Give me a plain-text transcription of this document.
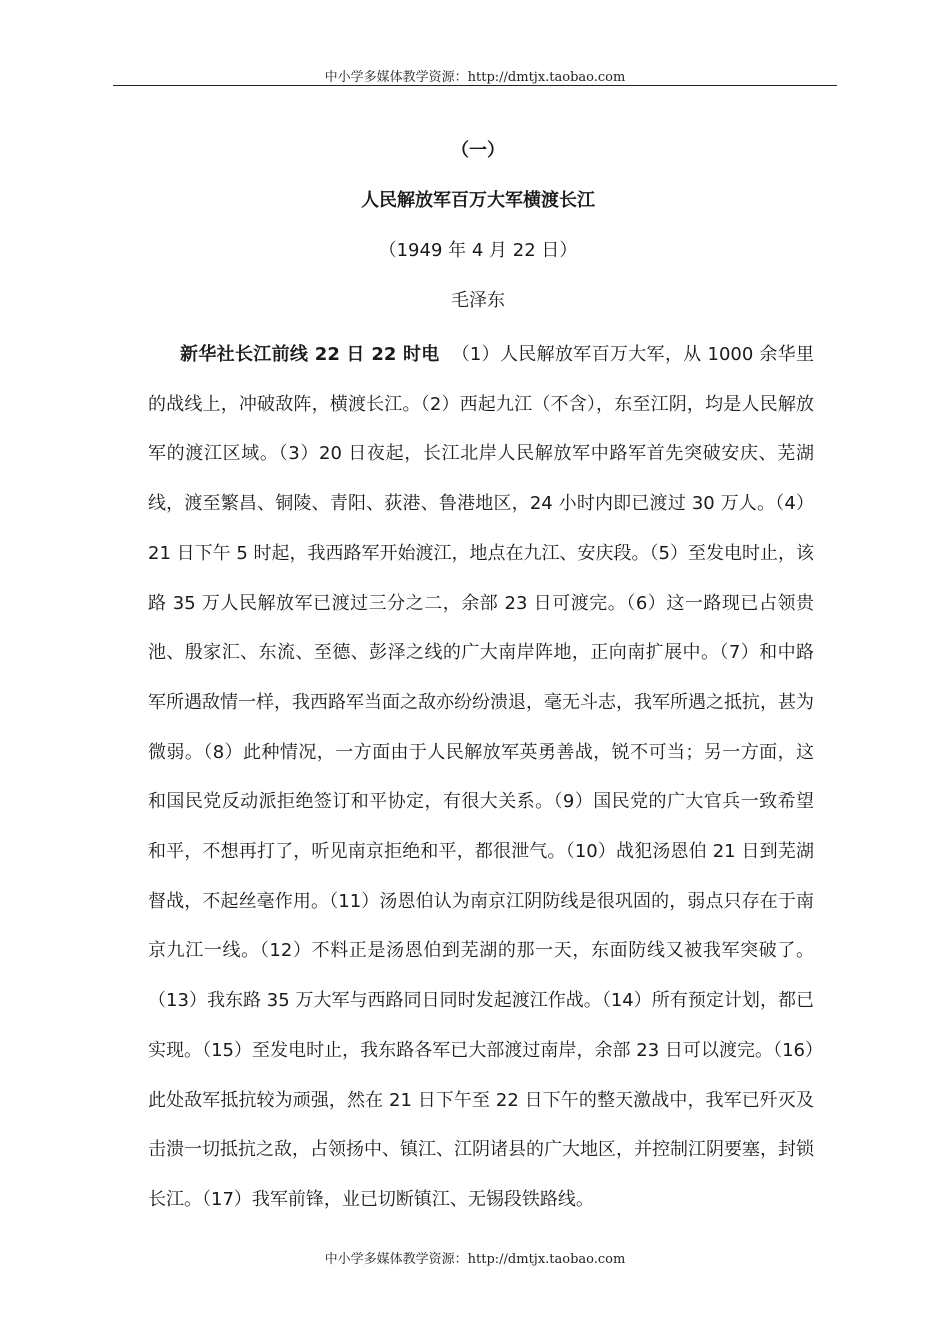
中小学多媒体教学资源：http://dmtjx.taobao.com
（一）
人民解放军百万大军横渡长江
（1949 年 4 月 22 日）
毛泽东

新华社长江前线 22 日 22 时电 （1）人民解放军百万大军，从 1000 余华里的战线上，冲破敌阵，横渡长江。（2）西起九江（不含），东至江阴，均是人民解放军的渡江区域。（3）20 日夜起，长江北岸人民解放军中路军首先突破安庆、芜湖线，渡至繁昌、铜陵、青阳、荻港、鲁港地区，24 小时内即已渡过 30 万人。（4）21 日下午 5 时起，我西路军开始渡江，地点在九江、安庆段。（5）至发电时止，该路 35 万人民解放军已渡过三分之二，余部 23 日可渡完。（6）这一路现已占领贵池、殷家汇、东流、至德、彭泽之线的广大南岸阵地，正向南扩展中。（7）和中路军所遇敌情一样，我西路军当面之敌亦纷纷溃退，毫无斗志，我军所遇之抵抗，甚为微弱。（8）此种情况，一方面由于人民解放军英勇善战，锐不可当；另一方面，这和国民党反动派拒绝签订和平协定，有很大关系。（9）国民党的广大官兵一致希望和平，不想再打了，听见南京拒绝和平，都很泄气。（10）战犯汤恩伯 21 日到芜湖督战，不起丝毫作用。（11）汤恩伯认为南京江阴防线是很巩固的，弱点只存在于南京九江一线。（12）不料正是汤恩伯到芜湖的那一天，东面防线又被我军突破了。（13）我东路 35 万大军与西路同日同时发起渡江作战。（14）所有预定计划，都已实现。（15）至发电时止，我东路各军已大部渡过南岸，余部 23 日可以渡完。（16）此处敌军抵抗较为顽强，然在 21 日下午至 22 日下午的整天激战中，我军已歼灭及击溃一切抵抗之敌，占领扬中、镇江、江阴诸县的广大地区，并控制江阴要塞，封锁长江。（17）我军前锋，业已切断镇江、无锡段铁路线。

中小学多媒体教学资源：http://dmtjx.taobao.com
